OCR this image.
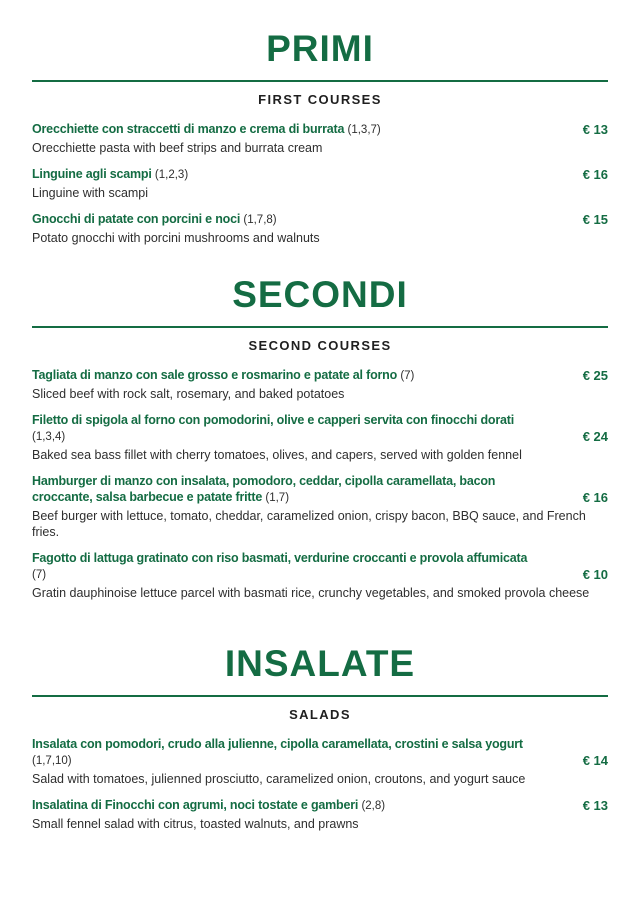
PRIMI
FIRST COURSES
Orecchiette con straccetti di manzo e crema di burrata (1,3,7)	€ 13
Orecchiette pasta with beef strips and burrata cream
Linguine agli scampi (1,2,3)	€ 16
Linguine with scampi
Gnocchi di patate con porcini e noci (1,7,8)	€ 15
Potato gnocchi with porcini mushrooms and walnuts
SECONDI
SECOND COURSES
Tagliata di manzo con sale grosso e rosmarino e patate al forno (7)	€ 25
Sliced beef with rock salt, rosemary, and baked potatoes
Filetto di spigola al forno con pomodorini, olive e capperi servita con finocchi dorati (1,3,4)	€ 24
Baked sea bass fillet with cherry tomatoes, olives, and capers, served with golden fennel
Hamburger di manzo con insalata, pomodoro, ceddar, cipolla caramellata, bacon croccante, salsa barbecue e patate fritte (1,7)	€ 16
Beef burger with lettuce, tomato, cheddar, caramelized onion, crispy bacon, BBQ sauce, and French fries.
Fagotto di lattuga gratinato con riso basmati, verdurine croccanti e provola affumicata (7)	€ 10
Gratin dauphinoise lettuce parcel with basmati rice, crunchy vegetables, and smoked provola cheese
INSALATE
SALADS
Insalata con pomodori, crudo alla julienne, cipolla caramellata, crostini e salsa yogurt (1,7,10)	€ 14
Salad with tomatoes, julienned prosciutto, caramelized onion, croutons, and yogurt sauce
Insalatina di Finocchi con agrumi, noci tostate e gamberi (2,8)	€ 13
Small fennel salad with citrus, toasted walnuts, and prawns
